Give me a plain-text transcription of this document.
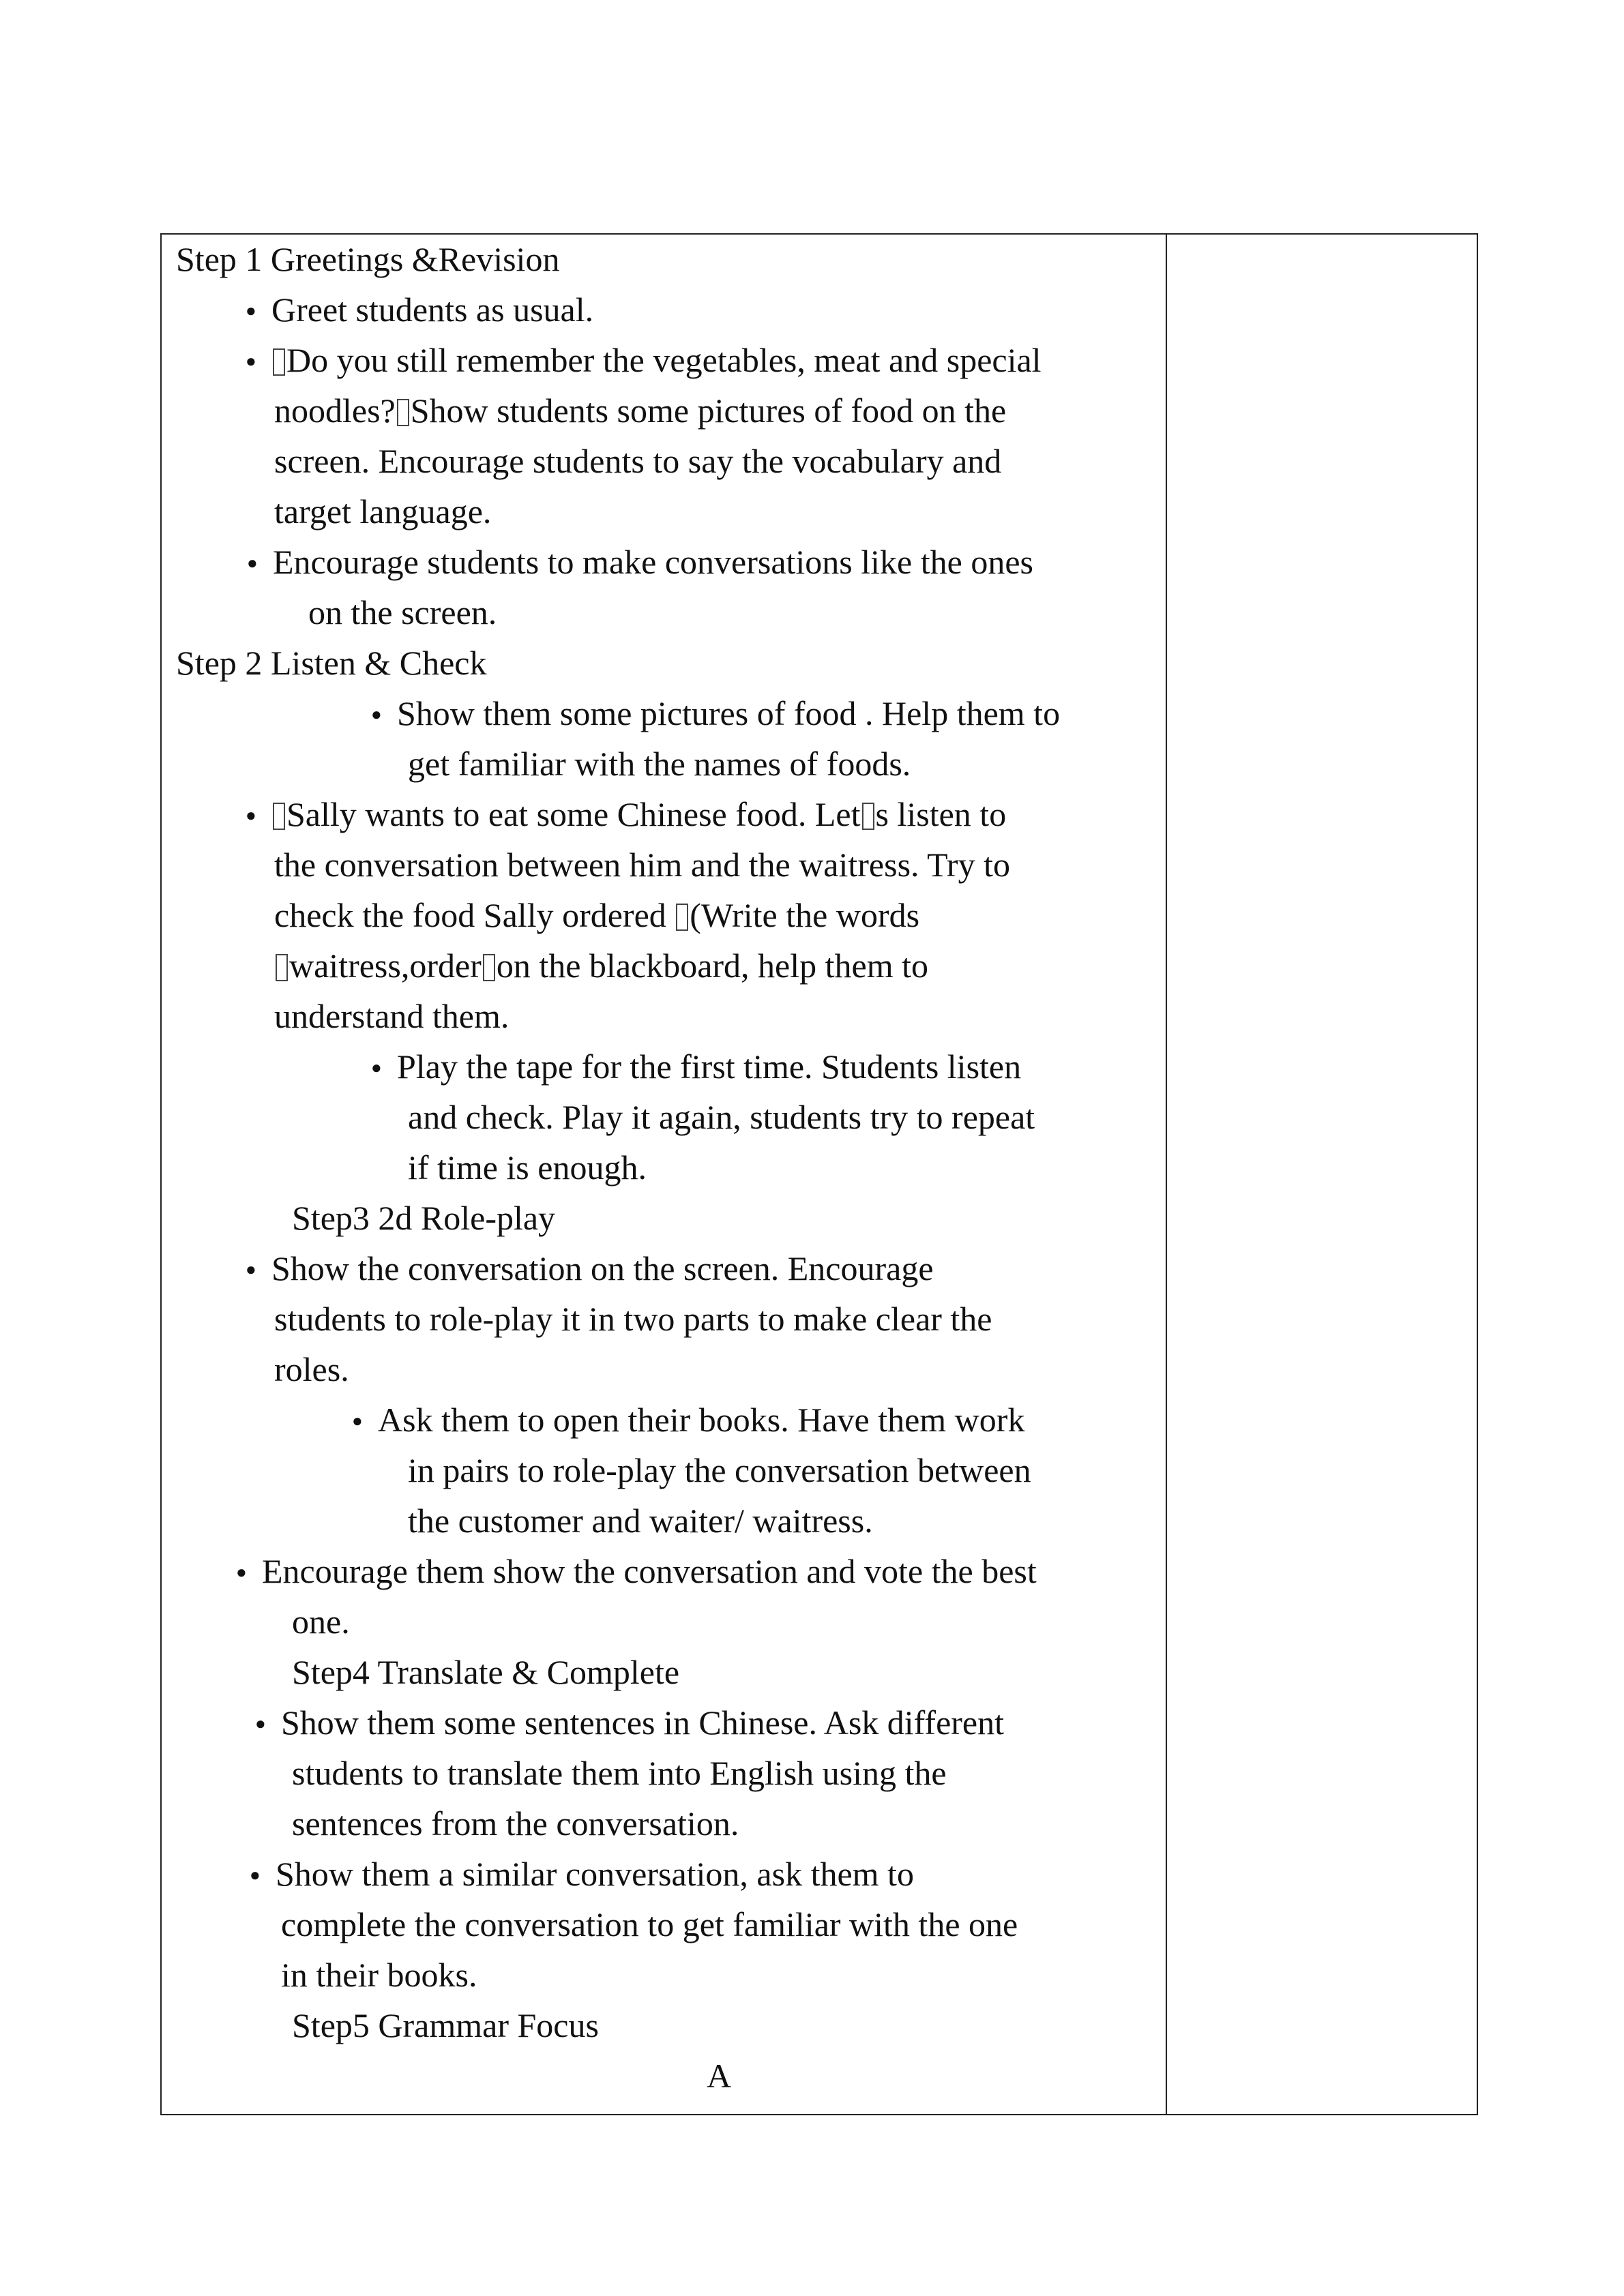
Step 1 Greetings &Revision
● Greet students as usual.
● Do you still remember the vegetables, meat and special
noodles? Show students some pictures of food on the
screen. Encourage students to say the vocabulary and
target language.
● Encourage students to make conversations like the ones
on the screen.
Step 2 Listen & Check
● Show them some pictures of food . Help them to
get familiar with the names of foods.
● Sally wants to eat some Chinese food. Let s listen to
the conversation between him and the waitress. Try to
check the food Sally ordered (Write the words
waitress,order on the blackboard, help them to
understand them.
● Play the tape for the first time. Students listen
and check. Play it again, students try to repeat
if time is enough.
Step3 2d Role-play
● Show the conversation on the screen. Encourage
students to role-play it in two parts to make clear the
roles.
● Ask them to open their books. Have them work
in pairs to role-play the conversation between
the customer and waiter/ waitress.
● Encourage them show the conversation and vote the best
one.
Step4 Translate & Complete
● Show them some sentences in Chinese. Ask different
students to translate them into English using the
sentences from the conversation.
● Show them a similar conversation, ask them to
complete the conversation to get familiar with the one
in their books.
Step5 Grammar Focus
A
